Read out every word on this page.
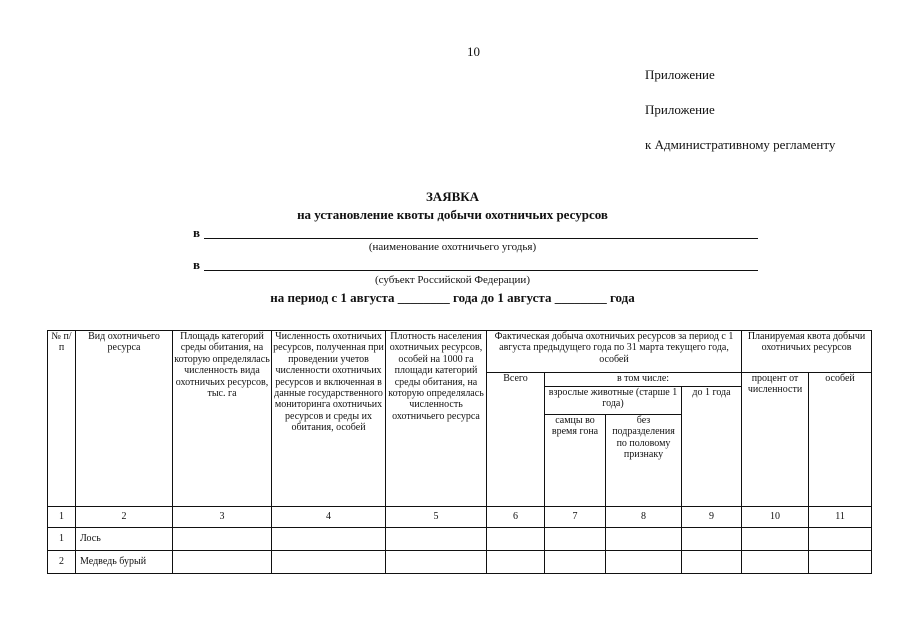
10
Приложение
Приложение
к Административному регламенту
ЗАЯВКА
на установление квоты добычи охотничьих ресурсов
в
(наименование охотничьего угодья)
в
(субъект Российской Федерации)
на период с 1 августа ________ года до 1 августа ________ года
№ п/п	Вид охотничьего ресурса	Площадь категорий среды обитания, на которую определялась численность вида охотничьих ресурсов, тыс. га	Численность охотничьих ресурсов, полученная при проведении учетов численности охотничьих ресурсов и включенная в данные государственного мониторинга охотничьих ресурсов и среды их обитания, особей	Плотность населения охотничьих ресурсов, особей на 1000 га площади категорий среды обитания, на которую определялась численность охотничьего ресурса	Фактическая добыча охотничьих ресурсов за период с 1 августа предыдущего года по 31 марта текущего года, особей				Планируемая квота добычи охотничьих ресурсов	
					Всего	в том числе:			процент от численности	особей
						взрослые животные (старше 1 года)		до 1 года		
						самцы во время гона	без подразделения по половому признаку			

1	2	3	4	5	6	7	8	9	10	11
1	Лось									
2	Медведь бурый									
